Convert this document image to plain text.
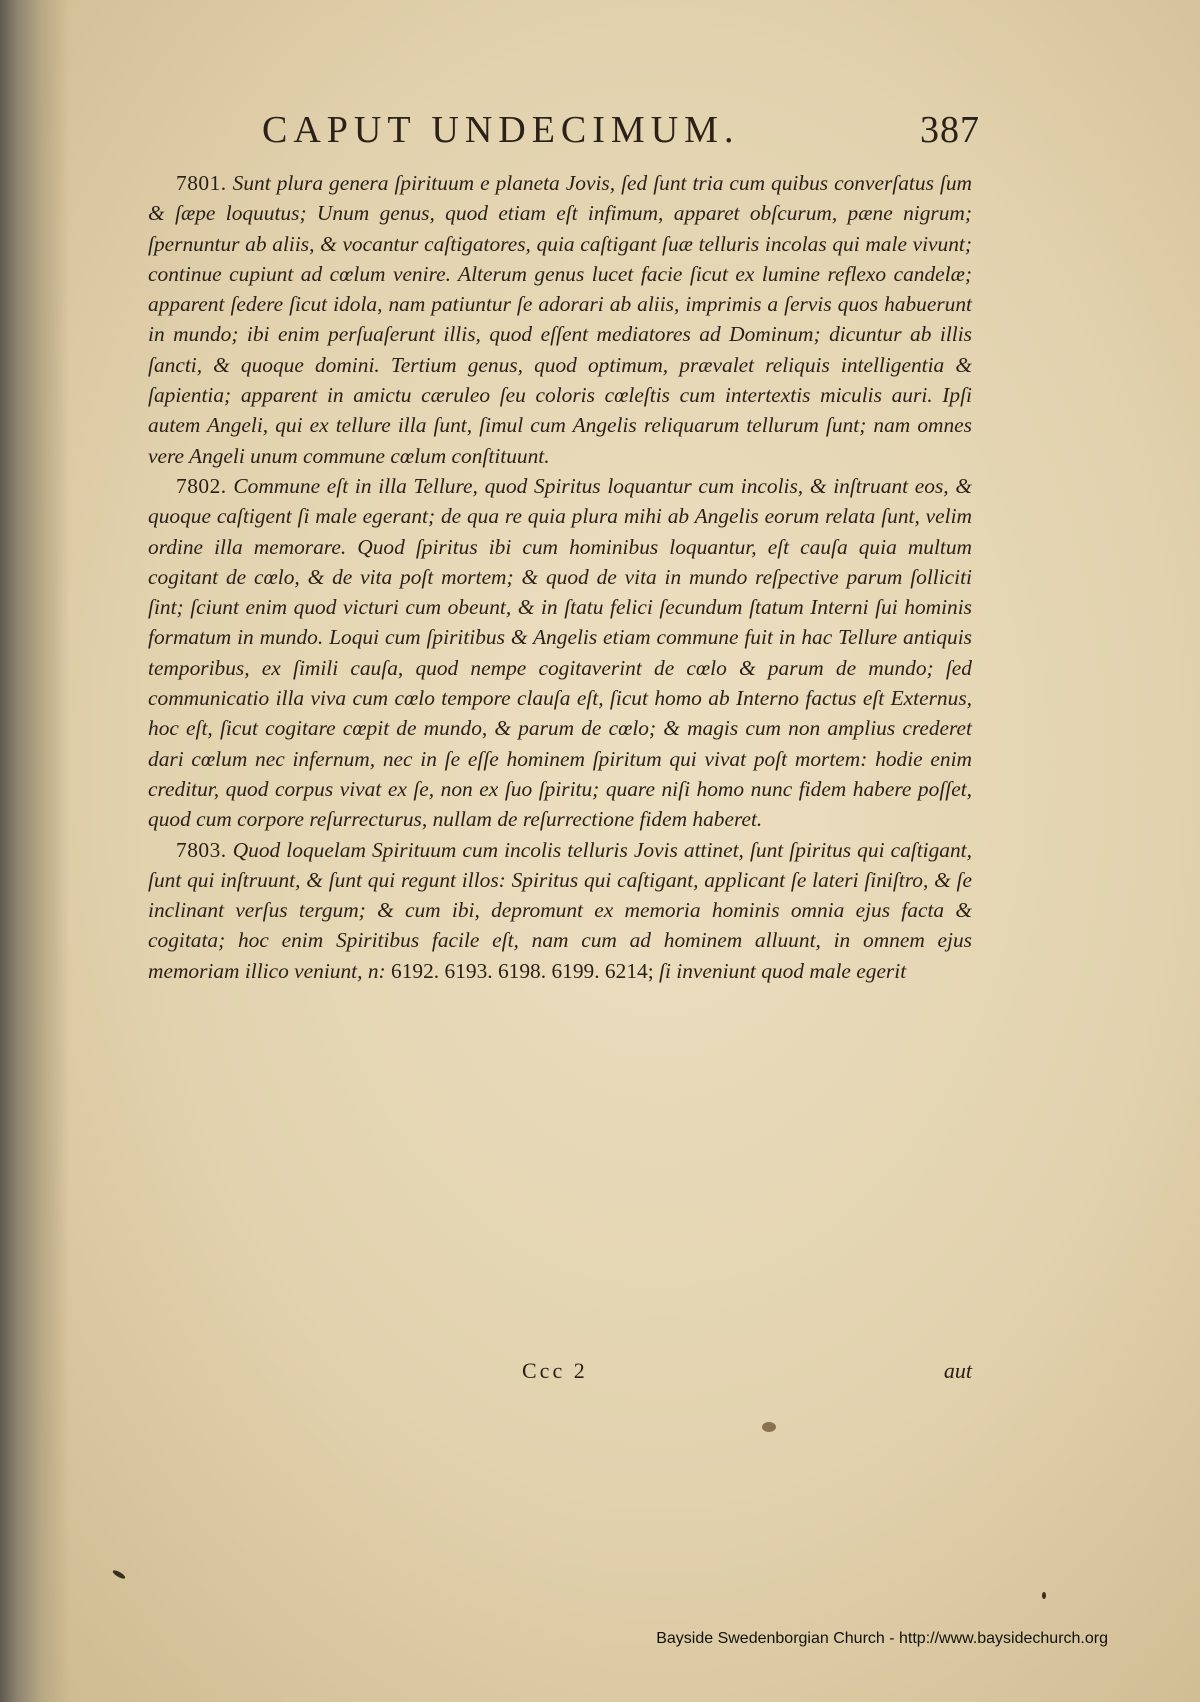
CAPUT UNDECIMUM.	387

7801. Sunt plura genera ſpirituum e planeta Jovis, ſed ſunt tria cum quibus converſatus ſum & ſæpe loquutus; Unum genus, quod etiam eſt infimum, apparet obſcurum, pæne nigrum; ſpernuntur ab aliis, & vocantur caſtigatores, quia caſtigant ſuæ telluris incolas qui male vivunt; continue cupiunt ad cœlum venire. Alterum genus lucet facie ſicut ex lumine reflexo candelæ; apparent ſedere ſicut idola, nam patiuntur ſe adorari ab aliis, imprimis a ſervis quos habuerunt in mundo; ibi enim perſuaſerunt illis, quod eſſent mediatores ad Dominum; dicuntur ab illis ſancti, & quoque domini. Tertium genus, quod optimum, prævalet reliquis intelligentia & ſapientia; apparent in amictu cæruleo ſeu coloris cœleſtis cum intertextis miculis auri. Ipſi autem Angeli, qui ex tellure illa ſunt, ſimul cum Angelis reliquarum tellurum ſunt; nam omnes vere Angeli unum commune cœlum conſtituunt.

7802. Commune eſt in illa Tellure, quod Spiritus loquantur cum incolis, & inſtruant eos, & quoque caſtigent ſi male egerant; de qua re quia plura mihi ab Angelis eorum relata ſunt, velim ordine illa memorare. Quod ſpiritus ibi cum hominibus loquantur, eſt cauſa quia multum cogitant de cœlo, & de vita poſt mortem; & quod de vita in mundo reſpective parum ſolliciti ſint; ſciunt enim quod victuri cum obeunt, & in ſtatu felici ſecundum ſtatum Interni ſui hominis formatum in mundo. Loqui cum ſpiritibus & Angelis etiam commune fuit in hac Tellure antiquis temporibus, ex ſimili cauſa, quod nempe cogitaverint de cœlo & parum de mundo; ſed communicatio illa viva cum cœlo tempore clauſa eſt, ſicut homo ab Interno factus eſt Externus, hoc eſt, ſicut cogitare cœpit de mundo, & parum de cœlo; & magis cum non amplius crederet dari cœlum nec infernum, nec in ſe eſſe hominem ſpiritum qui vivat poſt mortem: hodie enim creditur, quod corpus vivat ex ſe, non ex ſuo ſpiritu; quare niſi homo nunc fidem habere poſſet, quod cum corpore reſurrecturus, nullam de reſurrectione fidem haberet.

7803. Quod loquelam Spirituum cum incolis telluris Jovis attinet, ſunt ſpiritus qui caſtigant, ſunt qui inſtruunt, & ſunt qui regunt illos: Spiritus qui caſtigant, applicant ſe lateri ſiniſtro, & ſe inclinant verſus tergum; & cum ibi, depromunt ex memoria hominis omnia ejus facta & cogitata; hoc enim Spiritibus facile eſt, nam cum ad hominem alluunt, in omnem ejus memoriam illico veniunt, n: 6192. 6193. 6198. 6199. 6214; ſi inveniunt quod male egerit

Ccc 2	aut
Bayside Swedenborgian Church - http://www.baysidechurch.org
